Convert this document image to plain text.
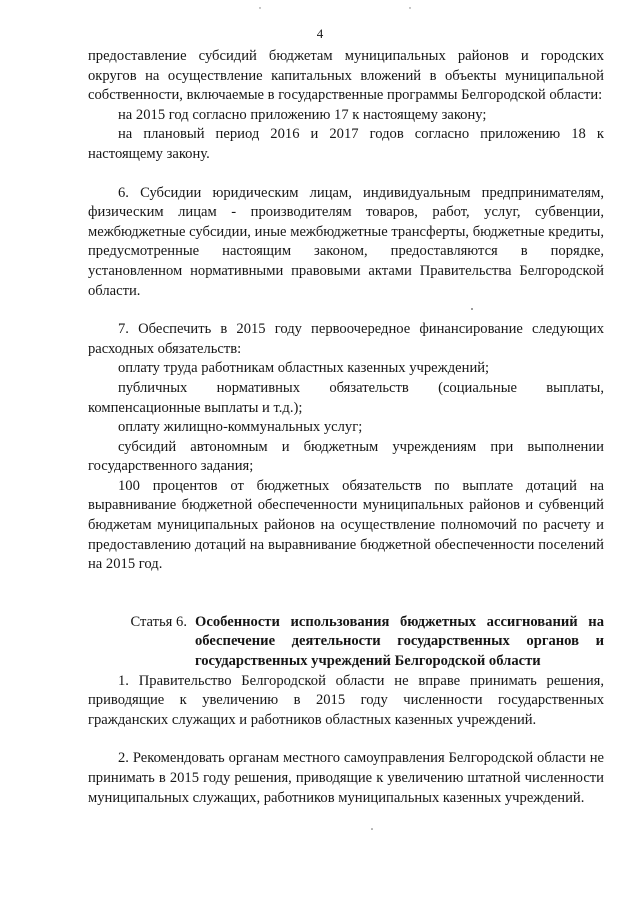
4

предоставление субсидий бюджетам муниципальных районов и городских округов на осуществление капитальных вложений в объекты муниципальной собственности, включаемые в государственные программы Белгородской области:

на 2015 год согласно приложению 17 к настоящему закону;

на плановый период 2016 и 2017 годов согласно приложению 18 к настоящему закону.

6. Субсидии юридическим лицам, индивидуальным предпринимателям, физическим лицам - производителям товаров, работ, услуг, субвенции, межбюджетные субсидии, иные межбюджетные трансферты, бюджетные кредиты, предусмотренные настоящим законом, предоставляются в порядке, установленном нормативными правовыми актами Правительства Белгородской области.

7. Обеспечить в 2015 году первоочередное финансирование следующих расходных обязательств:

оплату труда работникам областных казенных учреждений;

публичных нормативных обязательств (социальные выплаты, компенсационные выплаты и т.д.);

оплату жилищно-коммунальных услуг;

субсидий автономным и бюджетным учреждениям при выполнении государственного задания;

100 процентов от бюджетных обязательств по выплате дотаций на выравнивание бюджетной обеспеченности муниципальных районов и субвенций бюджетам муниципальных районов на осуществление полномочий по расчету и предоставлению дотаций на выравнивание бюджетной обеспеченности поселений на 2015 год.

Статья 6. Особенности использования бюджетных ассигнований на обеспечение деятельности государственных органов и государственных учреждений Белгородской области

1. Правительство Белгородской области не вправе принимать решения, приводящие к увеличению в 2015 году численности государственных гражданских служащих и работников областных казенных учреждений.

2. Рекомендовать органам местного самоуправления Белгородской области не принимать в 2015 году решения, приводящие к увеличению штатной численности муниципальных служащих, работников муниципальных казенных учреждений.
